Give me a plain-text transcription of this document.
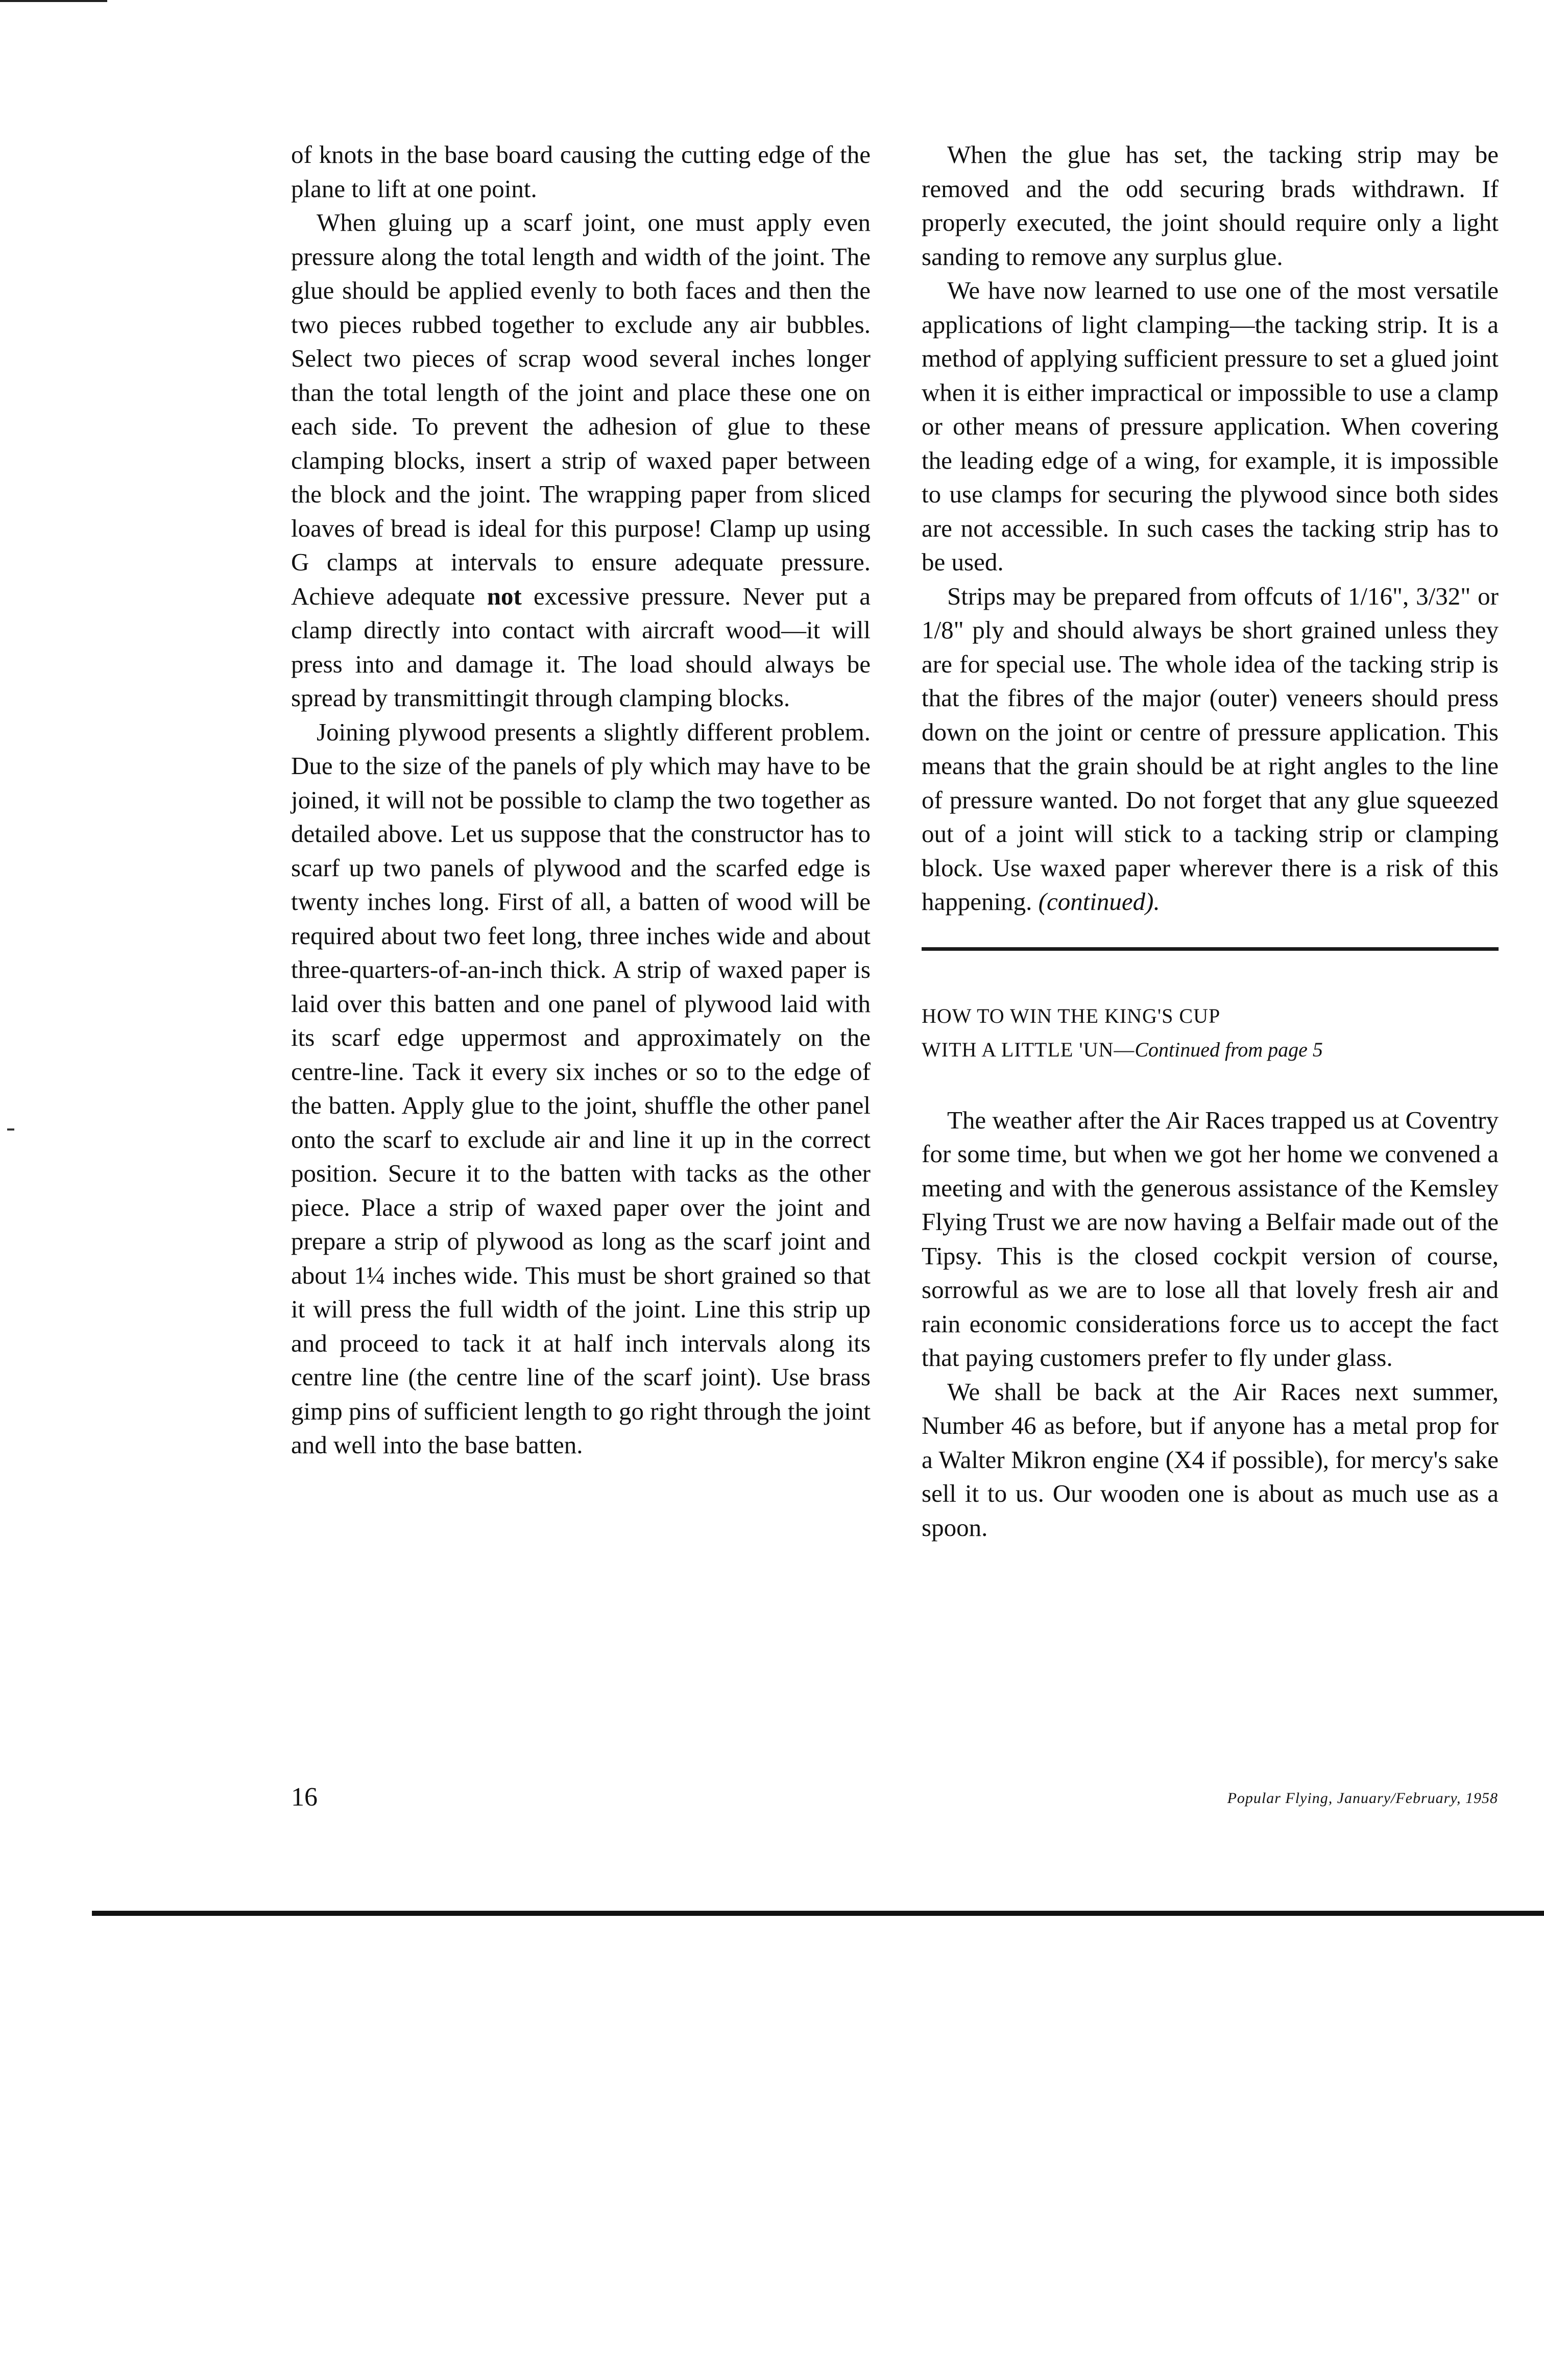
of knots in the base board causing the cutting edge of the plane to lift at one point.

When gluing up a scarf joint, one must apply even pressure along the total length and width of the joint. The glue should be applied evenly to both faces and then the two pieces rubbed together to exclude any air bubbles. Select two pieces of scrap wood several inches longer than the total length of the joint and place these one on each side. To prevent the adhesion of glue to these clamping blocks, insert a strip of waxed paper between the block and the joint. The wrapping paper from sliced loaves of bread is ideal for this purpose! Clamp up using G clamps at intervals to ensure adequate pressure. Achieve adequate not excessive pressure. Never put a clamp directly into contact with aircraft wood—it will press into and damage it. The load should always be spread by transmittingit through clamping blocks.

Joining plywood presents a slightly different problem. Due to the size of the panels of ply which may have to be joined, it will not be possible to clamp the two together as detailed above. Let us suppose that the constructor has to scarf up two panels of plywood and the scarfed edge is twenty inches long. First of all, a batten of wood will be required about two feet long, three inches wide and about three-quarters-of-an-inch thick. A strip of waxed paper is laid over this batten and one panel of plywood laid with its scarf edge uppermost and approximately on the centre-line. Tack it every six inches or so to the edge of the batten. Apply glue to the joint, shuffle the other panel onto the scarf to exclude air and line it up in the correct position. Secure it to the batten with tacks as the other piece. Place a strip of waxed paper over the joint and prepare a strip of plywood as long as the scarf joint and about 1¼ inches wide. This must be short grained so that it will press the full width of the joint. Line this strip up and proceed to tack it at half inch intervals along its centre line (the centre line of the scarf joint). Use brass gimp pins of sufficient length to go right through the joint and well into the base batten.

When the glue has set, the tacking strip may be removed and the odd securing brads withdrawn. If properly executed, the joint should require only a light sanding to remove any surplus glue.

We have now learned to use one of the most versatile applications of light clamping—the tacking strip. It is a method of applying sufficient pressure to set a glued joint when it is either impractical or impossible to use a clamp or other means of pressure application. When covering the leading edge of a wing, for example, it is impossible to use clamps for securing the plywood since both sides are not accessible. In such cases the tacking strip has to be used.

Strips may be prepared from offcuts of 1/16", 3/32" or 1/8" ply and should always be short grained unless they are for special use. The whole idea of the tacking strip is that the fibres of the major (outer) veneers should press down on the joint or centre of pressure application. This means that the grain should be at right angles to the line of pressure wanted. Do not forget that any glue squeezed out of a joint will stick to a tacking strip or clamping block. Use waxed paper wherever there is a risk of this happening. (continued).

HOW TO WIN THE KING'S CUP
WITH A LITTLE 'UN—Continued from page 5

The weather after the Air Races trapped us at Coventry for some time, but when we got her home we convened a meeting and with the generous assistance of the Kemsley Flying Trust we are now having a Belfair made out of the Tipsy. This is the closed cockpit version of course, sorrowful as we are to lose all that lovely fresh air and rain economic considerations force us to accept the fact that paying customers prefer to fly under glass.

We shall be back at the Air Races next summer, Number 46 as before, but if anyone has a metal prop for a Walter Mikron engine (X4 if possible), for mercy's sake sell it to us. Our wooden one is about as much use as a spoon.

16	Popular Flying, January/February, 1958
